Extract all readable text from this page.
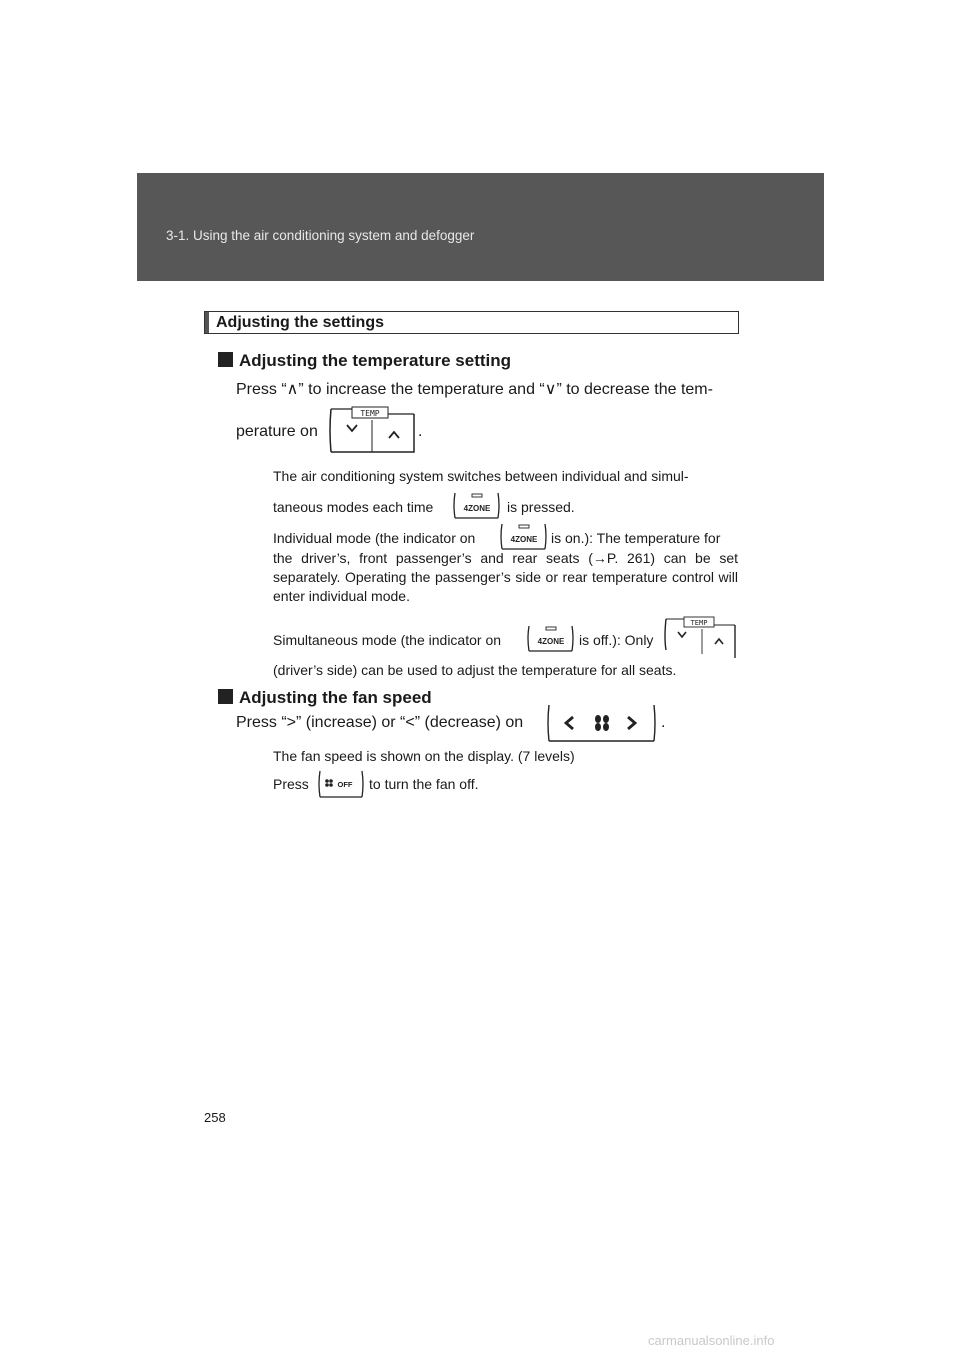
3-1. Using the air conditioning system and defogger
Adjusting the settings
Adjusting the temperature setting
Press “∧” to increase the temperature and “∨” to decrease the tem-
perature on
TEMP
.
The air conditioning system switches between individual and simul-
taneous modes each time	4ZONE is pressed.
Individual mode (the indicator on	4ZONE is on.): The temperature for
the driver’s, front passenger’s and rear seats (→P. 261) can be set separately. Operating the passenger’s side or rear temperature control will enter individual mode.
Simultaneous mode (the indicator on	4ZONE is off.): Only
TEMP
(driver’s side) can be used to adjust the temperature for all seats.
Adjusting the fan speed
Press “>” (increase) or “<” (decrease) on	.
The fan speed is shown on the display. (7 levels)
Press	OFF to turn the fan off.
258
carmanualsonline.info
